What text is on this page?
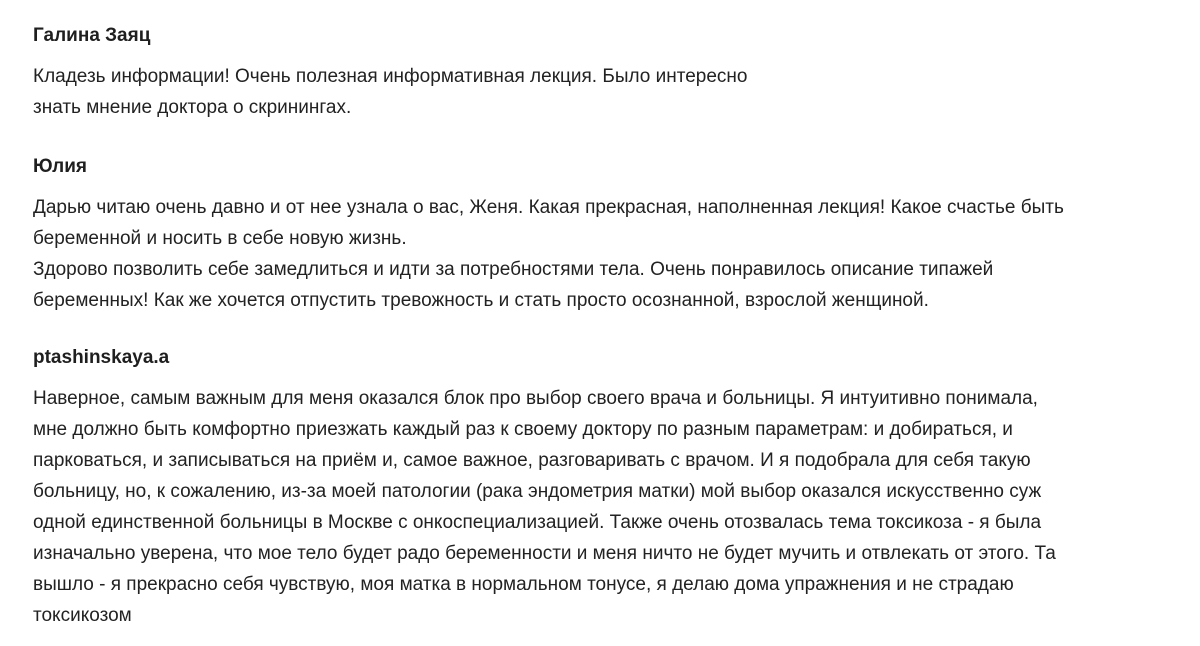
Галина Заяц
Кладезь информации! Очень полезная информативная лекция. Было интересно
знать мнение доктора о скринингах.
Юлия
Дарью читаю очень давно и от нее узнала о вас, Женя. Какая прекрасная, наполненная лекция! Какое счастье быть
беременной и носить в себе новую жизнь.
Здорово позволить себе замедлиться и идти за потребностями тела. Очень понравилось описание типажей
беременных! Как же хочется отпустить тревожность и стать просто осознанной, взрослой женщиной.
ptashinskaya.a
Наверное, самым важным для меня оказался блок про выбор своего врача и больницы. Я интуитивно понимала,
мне должно быть комфортно приезжать каждый раз к своему доктору по разным параметрам: и добираться, и
парковаться, и записываться на приём и, самое важное, разговаривать с врачом. И я подобрала для себя такую
больницу, но, к сожалению, из-за моей патологии (рака эндометрия матки) мой выбор оказался искусственно суж
одной единственной больницы в Москве с онкоспециализацией. Также очень отозвалась тема токсикоза - я была
изначально уверена, что мое тело будет радо беременности и меня ничто не будет мучить и отвлекать от этого. Та
вышло - я прекрасно себя чувствую, моя матка в нормальном тонусе, я делаю дома упражнения и не страдаю
токсикозом
